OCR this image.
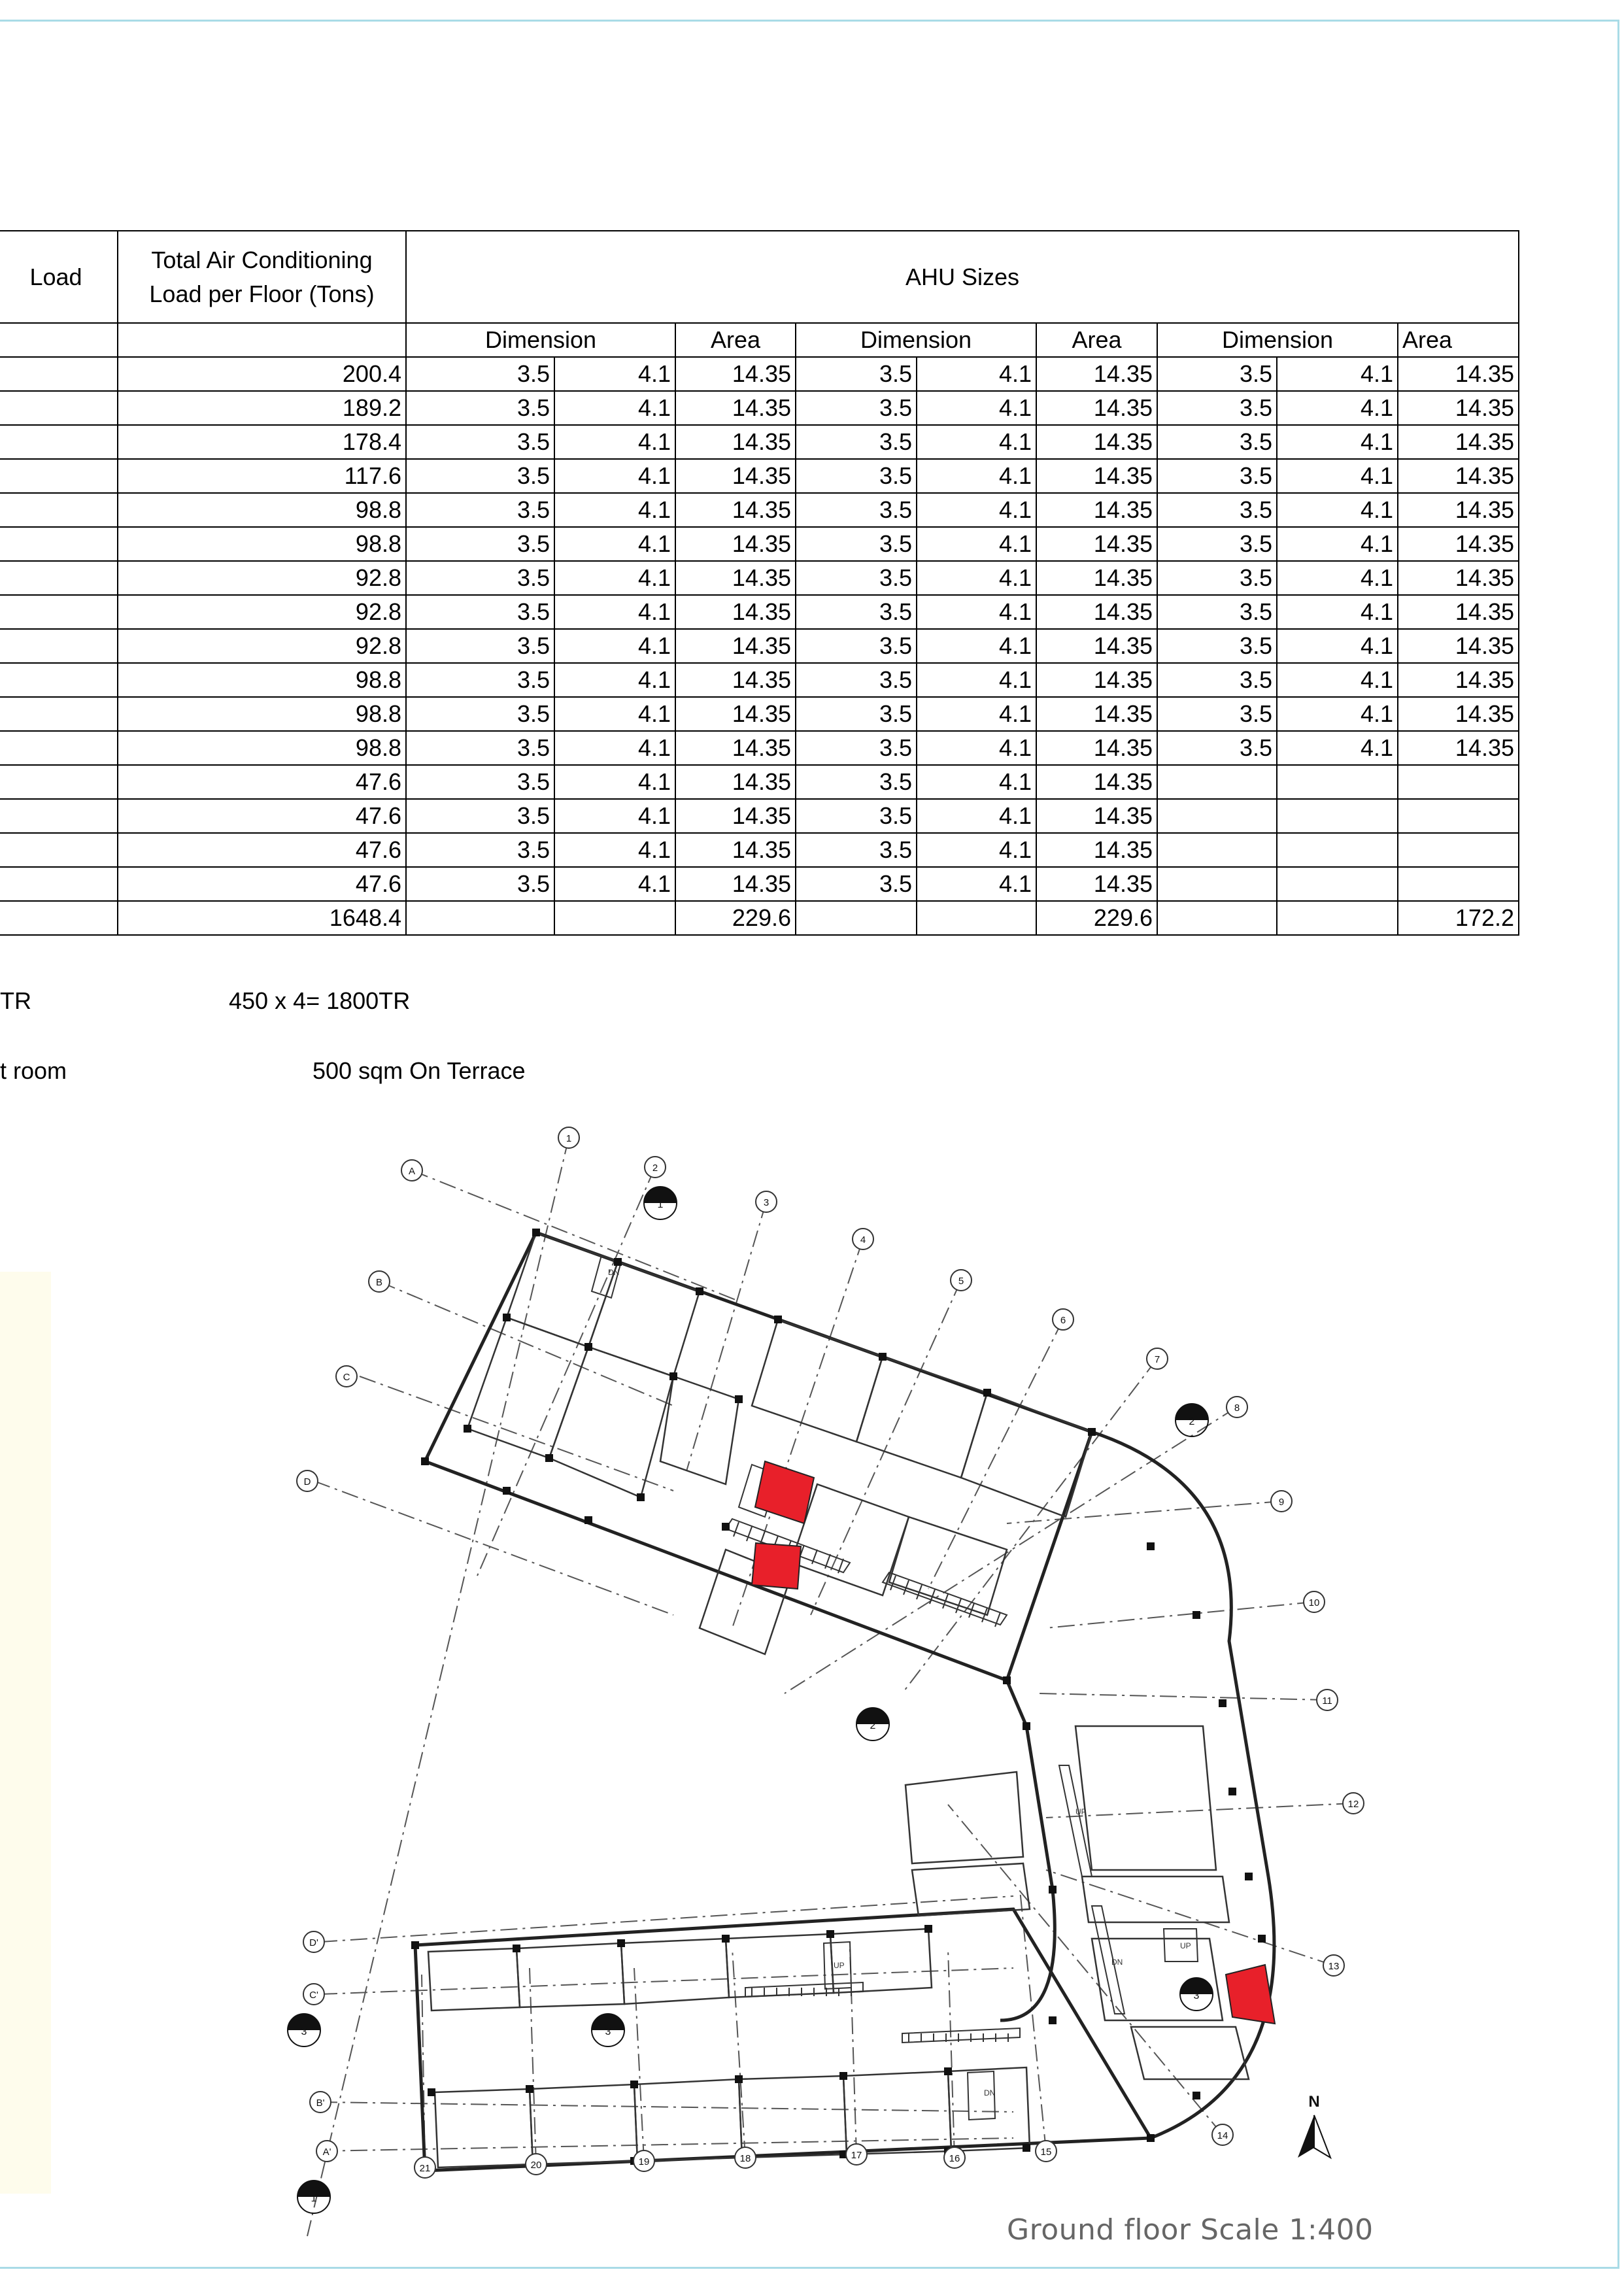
Load	Total Air Conditioning Load per Floor (Tons)	AHU Sizes								
		Dimension		Area	Dimension		Area	Dimension		Area
	200.4	3.5	4.1	14.35	3.5	4.1	14.35	3.5	4.1	14.35
	189.2	3.5	4.1	14.35	3.5	4.1	14.35	3.5	4.1	14.35
	178.4	3.5	4.1	14.35	3.5	4.1	14.35	3.5	4.1	14.35
	117.6	3.5	4.1	14.35	3.5	4.1	14.35	3.5	4.1	14.35
	98.8	3.5	4.1	14.35	3.5	4.1	14.35	3.5	4.1	14.35
	98.8	3.5	4.1	14.35	3.5	4.1	14.35	3.5	4.1	14.35
	92.8	3.5	4.1	14.35	3.5	4.1	14.35	3.5	4.1	14.35
	92.8	3.5	4.1	14.35	3.5	4.1	14.35	3.5	4.1	14.35
	92.8	3.5	4.1	14.35	3.5	4.1	14.35	3.5	4.1	14.35
	98.8	3.5	4.1	14.35	3.5	4.1	14.35	3.5	4.1	14.35
	98.8	3.5	4.1	14.35	3.5	4.1	14.35	3.5	4.1	14.35
	98.8	3.5	4.1	14.35	3.5	4.1	14.35	3.5	4.1	14.35
	47.6	3.5	4.1	14.35	3.5	4.1	14.35			
	47.6	3.5	4.1	14.35	3.5	4.1	14.35			
	47.6	3.5	4.1	14.35	3.5	4.1	14.35			
	47.6	3.5	4.1	14.35	3.5	4.1	14.35			
	1648.4			229.6			229.6			172.2
TR	450 x 4= 1800TR
t room	500 sqm On Terrace
DN
UP
DN
UP
DN
UP
1
2
3
4
5
6
7
8
9
10
11
12
13
14
15
16
17
18
19
20
21
A
B
C
D
D'
C'
B'
A'
1
2
3
3
3
2
1
N
Ground floor Scale 1:400
